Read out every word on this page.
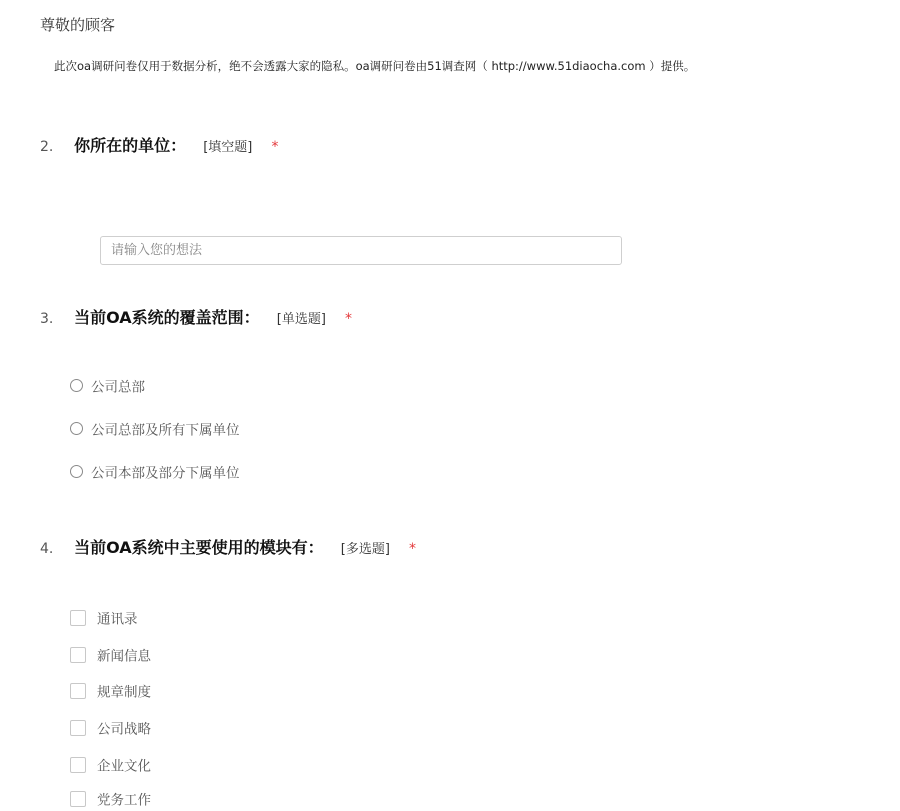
尊敬的顾客
此次oa调研问卷仅用于数据分析，绝不会透露大家的隐私。oa调研问卷由51调查网（ http://www.51diaocha.com ）提供。
2. 你所在的单位： [填空题] *
请输入您的想法
3. 当前OA系统的覆盖范围： [单选题] *
公司总部
公司总部及所有下属单位
公司本部及部分下属单位
4. 当前OA系统中主要使用的模块有： [多选题] *
通讯录
新闻信息
规章制度
公司战略
企业文化
党务工作
